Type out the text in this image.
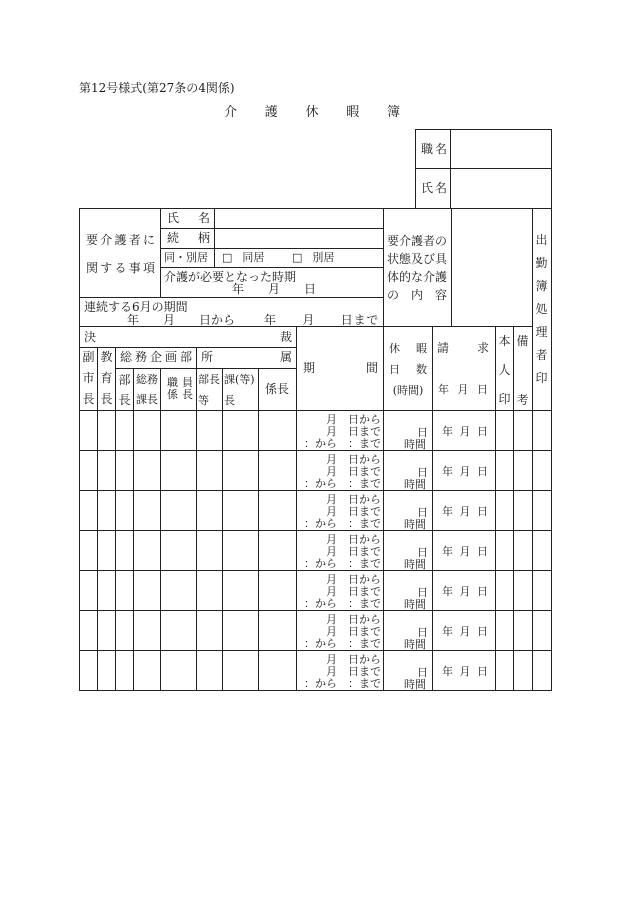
第12号様式(第27条の4関係)
介護休暇簿
職名
氏名
要介護者に
関する事項
氏名
続柄
同・別居 □ 同居	□ 別居
介護が必要となった時期
年　　月　　日
連続する6月の期間
年　　月　　日から 年　　月　　日まで
要介護者の
状態及び具
体的な介護
の内容
出勤簿処理者印
決裁
副市長
教育長
総務企画部 所属
部長
総務
課長
職員
係長
部長
等
課(等)
長
係長
期間
休暇
日数
(時間)
請求
年月日
本人印
備考
月　日から
月　日まで
：から　：まで
日
時間
年月日
月　日から
月　日まで
：から　：まで
日
時間
年月日
月　日から
月　日まで
：から　：まで
日
時間
年月日
月　日から
月　日まで
：から　：まで
日
時間
年月日
月　日から
月　日まで
：から　：まで
日
時間
年月日
月　日から
月　日まで
：から　：まで
日
時間
年月日
月　日から
月　日まで
：から　：まで
日
時間
年月日
